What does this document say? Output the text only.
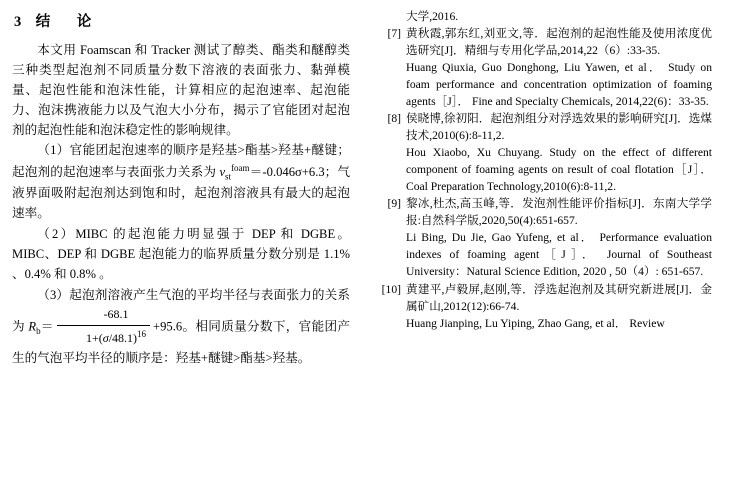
3 结　论

本文用 Foamscan 和 Tracker 测试了醇类、酯类和醚醇类三种类型起泡剂不同质量分数下溶液的表面张力、黏弹模量、起泡性能和泡沫性能，计算相应的起泡速率、起泡能力、泡沫携液能力以及气泡大小分布，揭示了官能团对起泡剂的起泡性能和泡沫稳定性的影响规律。

（1）官能团起泡速率的顺序是羟基>酯基>羟基+醚键；起泡剂的起泡速率与表面张力关系为 $v_{st}^{foam}=-0.046\sigma+6.3$；气液界面吸附起泡剂达到饱和时，起泡剂溶液具有最大的起泡速率。

（2）MIBC 的起泡能力明显强于 DEP 和 DGBE。MIBC、DEP 和 DGBE 起泡能力的临界质量分数分别是 1.1% 、0.4% 和 0.8% 。

（3）起泡剂溶液产生气泡的平均半径与表面张力的关系为 $R_b= \frac{-68.1}{1+(\sigma/48.1)^{16}} +95.6$。相同质量分数下，官能团产生的气泡平均半径的顺序是：羟基+醚键>酯基>羟基。

大学,2016.
[7] 黄秋霞,郭东红,刘亚文,等．起泡剂的起泡性能及使用浓度优选研究[J]．精细与专用化学品,2014,22（6）:33-35.
Huang Qiuxia, Guo Donghong, Liu Yawen, et al． Study on foam performance and concentration optimization of foaming agents［J］． Fine and Specialty Chemicals, 2014,22(6)：33-35.
[8] 侯晓博,徐初阳．起泡剂组分对浮选效果的影响研究[J]．选煤技术,2010(6):8-11,2.
Hou Xiaobo, Xu Chuyang. Study on the effect of different component of foaming agents on result of coal flotation［J］． Coal Preparation Technology,2010(6):8-11,2.
[9] 黎冰,杜杰,高玉峰,等．发泡剂性能评价指标[J]．东南大学学报:自然科学版,2020,50(4):651-657.
Li Bing, Du Jie, Gao Yufeng, et al． Performance evaluation indexes of foaming agent［J］． Journal of Southeast University：Natural Science Edition, 2020 , 50（4）: 651-657.
[10] 黄建平,卢毅屏,赵刚,等．浮选起泡剂及其研究新进展[J]．金属矿山,2012(12):66-74.
Huang Jianping, Lu Yiping, Zhao Gang, et al． Review
